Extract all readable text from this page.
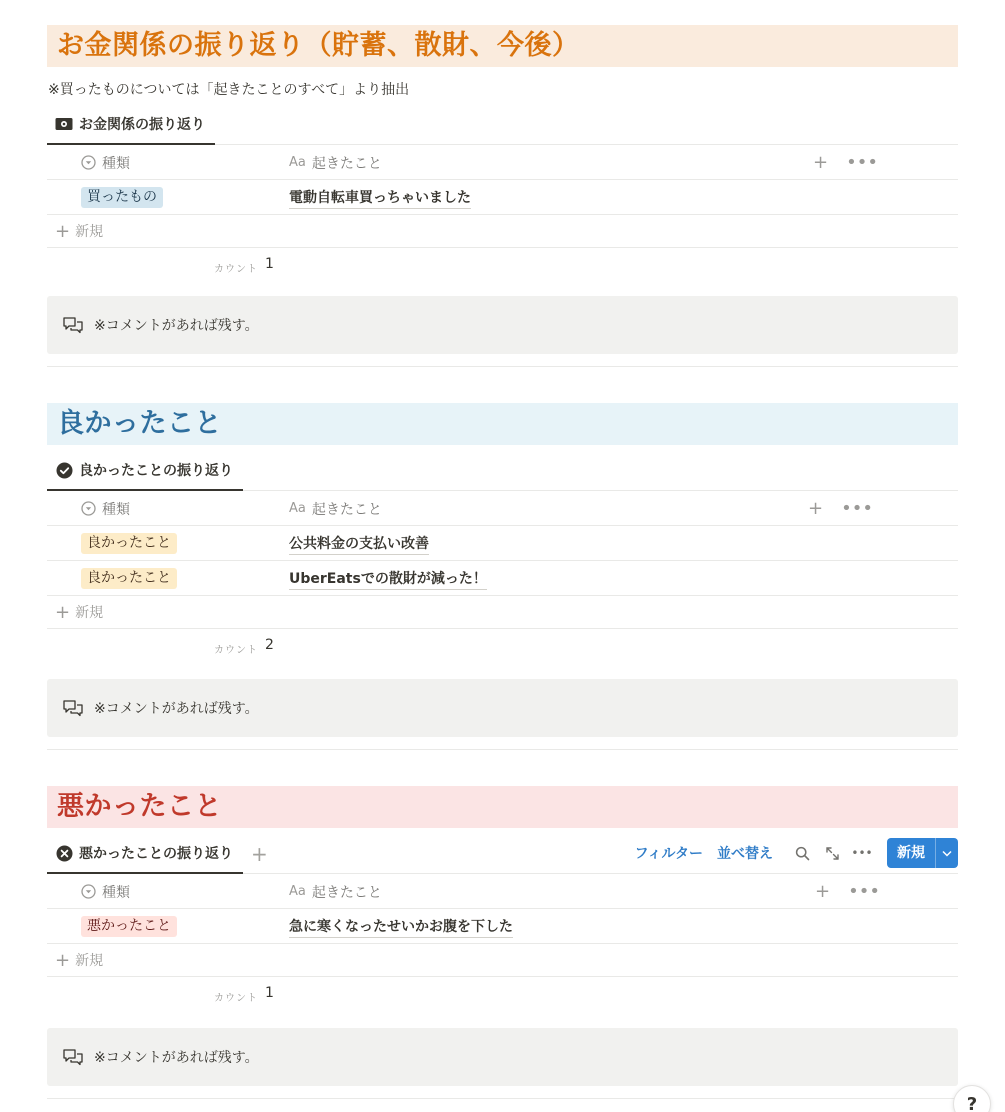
お金関係の振り返り（貯蓄、散財、今後）
※買ったものについては「起きたことのすべて」より抽出
お金関係の振り返り
種類	Aa 起きたこと	+ •••
買ったもの	電動自転車買っちゃいました
+ 新規
カウント 1
※コメントがあれば残す。
良かったこと
良かったことの振り返り
種類	Aa 起きたこと	+ •••
良かったこと	公共料金の支払い改善
良かったこと	UberEatsでの散財が減った！
+ 新規
カウント 2
※コメントがあれば残す。
悪かったこと
悪かったことの振り返り +	フィルター 並べ替え	•••	新規
種類	Aa 起きたこと	+ •••
悪かったこと	急に寒くなったせいかお腹を下した
+ 新規
カウント 1
※コメントがあれば残す。
?
